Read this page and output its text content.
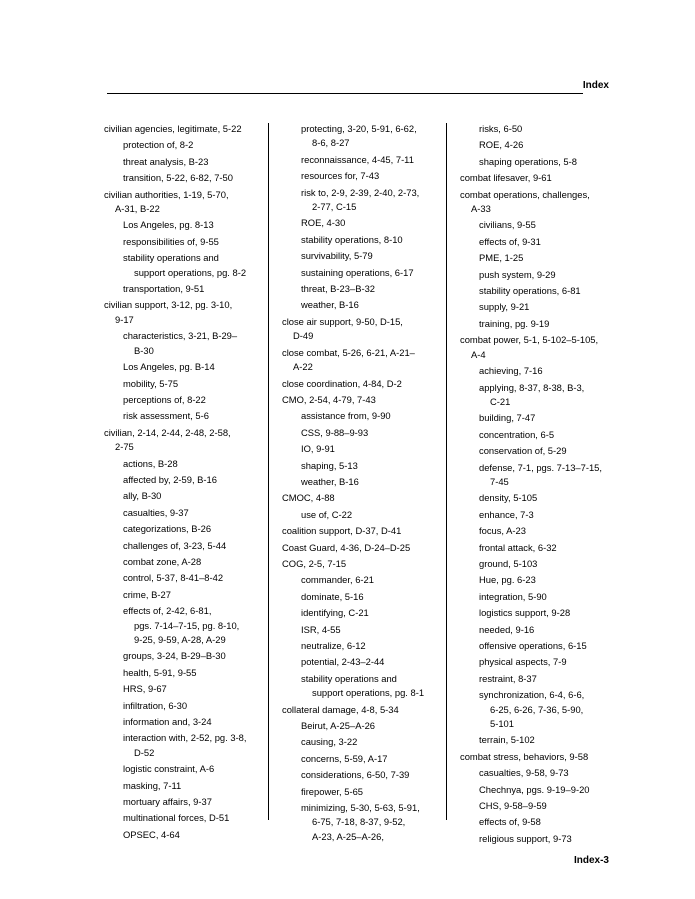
Index
civilian agencies, legitimate, 5-22
protection of, 8-2
threat analysis, B-23
transition, 5-22, 6-82, 7-50
civilian authorities, 1-19, 5-70,
A-31, B-22
Los Angeles, pg. 8-13
responsibilities of, 9-55
stability operations and
support operations, pg. 8-2
transportation, 9-51
civilian support, 3-12, pg. 3-10,
9-17
characteristics, 3-21, B-29–
B-30
Los Angeles, pg. B-14
mobility, 5-75
perceptions of, 8-22
risk assessment, 5-6
civilian, 2-14, 2-44, 2-48, 2-58,
2-75
actions, B-28
affected by, 2-59, B-16
ally, B-30
casualties, 9-37
categorizations, B-26
challenges of, 3-23, 5-44
combat zone, A-28
control, 5-37, 8-41–8-42
crime, B-27
effects of, 2-42, 6-81,
pgs. 7-14–7-15, pg. 8-10,
9-25, 9-59, A-28, A-29
groups, 3-24, B-29–B-30
health, 5-91, 9-55
HRS, 9-67
infiltration, 6-30
information and, 3-24
interaction with, 2-52, pg. 3-8,
D-52
logistic constraint, A-6
masking, 7-11
mortuary affairs, 9-37
multinational forces, D-51
OPSEC, 4-64
protecting, 3-20, 5-91, 6-62,
8-6, 8-27
reconnaissance, 4-45, 7-11
resources for, 7-43
risk to, 2-9, 2-39, 2-40, 2-73,
2-77, C-15
ROE, 4-30
stability operations, 8-10
survivability, 5-79
sustaining operations, 6-17
threat, B-23–B-32
weather, B-16
close air support, 9-50, D-15,
D-49
close combat, 5-26, 6-21, A-21–
A-22
close coordination, 4-84, D-2
CMO, 2-54, 4-79, 7-43
assistance from, 9-90
CSS, 9-88–9-93
IO, 9-91
shaping, 5-13
weather, B-16
CMOC, 4-88
use of, C-22
coalition support, D-37, D-41
Coast Guard, 4-36, D-24–D-25
COG, 2-5, 7-15
commander, 6-21
dominate, 5-16
identifying, C-21
ISR, 4-55
neutralize, 6-12
potential, 2-43–2-44
stability operations and
support operations, pg. 8-1
collateral damage, 4-8, 5-34
Beirut, A-25–A-26
causing, 3-22
concerns, 5-59, A-17
considerations, 6-50, 7-39
firepower, 5-65
minimizing, 5-30, 5-63, 5-91,
6-75, 7-18, 8-37, 9-52,
A-23, A-25–A-26,
risks, 6-50
ROE, 4-26
shaping operations, 5-8
combat lifesaver, 9-61
combat operations, challenges,
A-33
civilians, 9-55
effects of, 9-31
PME, 1-25
push system, 9-29
stability operations, 6-81
supply, 9-21
training, pg. 9-19
combat power, 5-1, 5-102–5-105,
A-4
achieving, 7-16
applying, 8-37, 8-38, B-3,
C-21
building, 7-47
concentration, 6-5
conservation of, 5-29
defense, 7-1, pgs. 7-13–7-15,
7-45
density, 5-105
enhance, 7-3
focus, A-23
frontal attack, 6-32
ground, 5-103
Hue, pg. 6-23
integration, 5-90
logistics support, 9-28
needed, 9-16
offensive operations, 6-15
physical aspects, 7-9
restraint, 8-37
synchronization, 6-4, 6-6,
6-25, 6-26, 7-36, 5-90,
5-101
terrain, 5-102
combat stress, behaviors, 9-58
casualties, 9-58, 9-73
Chechnya, pgs. 9-19–9-20
CHS, 9-58–9-59
effects of, 9-58
religious support, 9-73
Index-3
